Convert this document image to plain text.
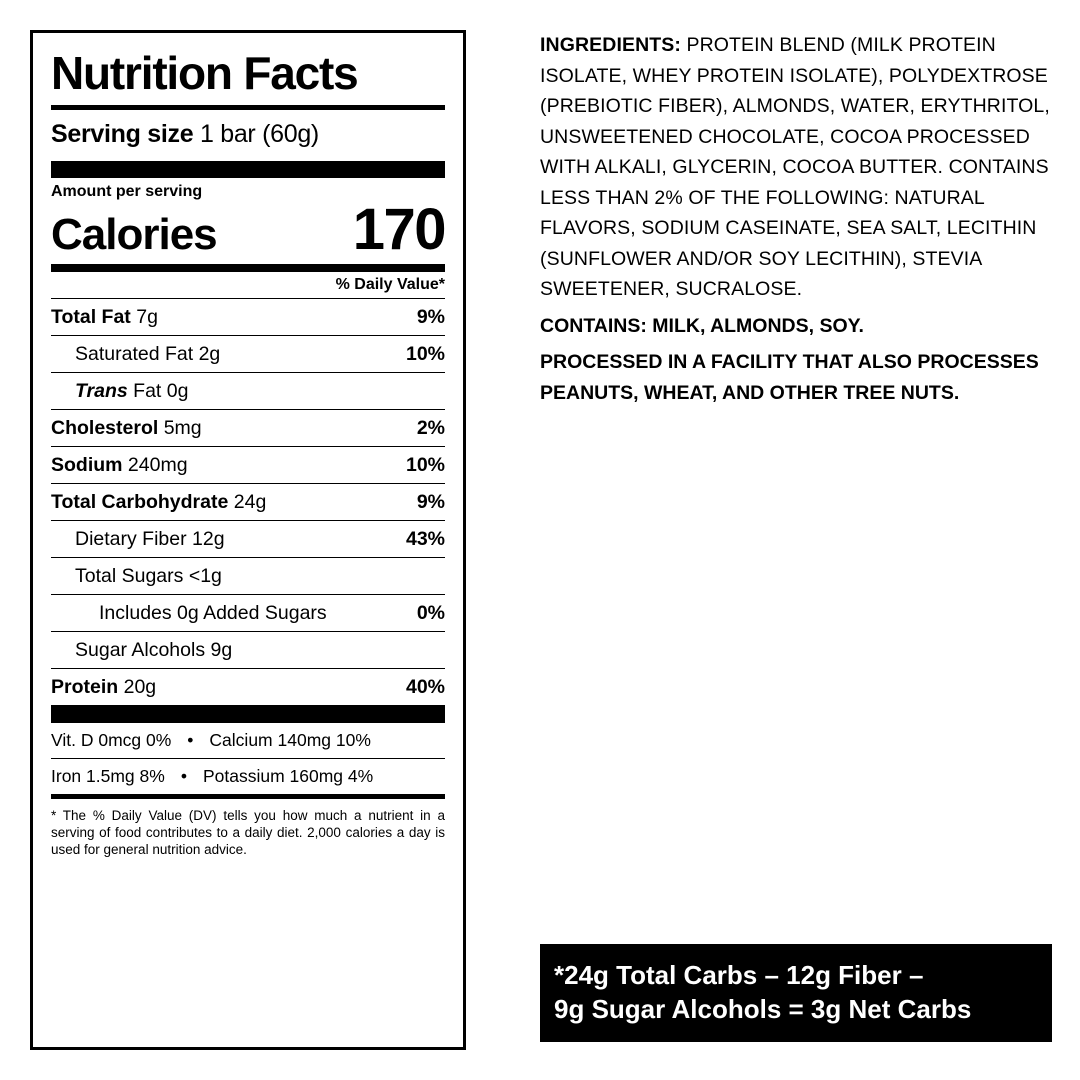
Nutrition Facts
Serving size 1 bar (60g)
Amount per serving
Calories 170
% Daily Value*
Total Fat 7g	9%
Saturated Fat 2g	10%
Trans Fat 0g
Cholesterol 5mg	2%
Sodium 240mg	10%
Total Carbohydrate 24g	9%
Dietary Fiber 12g	43%
Total Sugars <1g
Includes 0g Added Sugars	0%
Sugar Alcohols 9g
Protein 20g	40%
Vit. D 0mcg 0% • Calcium 140mg 10%
Iron 1.5mg 8% • Potassium 160mg 4%
* The % Daily Value (DV) tells you how much a nutrient in a serving of food contributes to a daily diet. 2,000 calories a day is used for general nutrition advice.
INGREDIENTS: PROTEIN BLEND (MILK PROTEIN ISOLATE, WHEY PROTEIN ISOLATE), POLYDEXTROSE (PREBIOTIC FIBER), ALMONDS, WATER, ERYTHRITOL, UNSWEETENED CHOCOLATE, COCOA PROCESSED WITH ALKALI, GLYCERIN, COCOA BUTTER. CONTAINS LESS THAN 2% OF THE FOLLOWING: NATURAL FLAVORS, SODIUM CASEINATE, SEA SALT, LECITHIN (SUNFLOWER AND/OR SOY LECITHIN), STEVIA SWEETENER, SUCRALOSE.
CONTAINS: MILK, ALMONDS, SOY.
PROCESSED IN A FACILITY THAT ALSO PROCESSES PEANUTS, WHEAT, AND OTHER TREE NUTS.
*24g Total Carbs – 12g Fiber –
9g Sugar Alcohols = 3g Net Carbs
